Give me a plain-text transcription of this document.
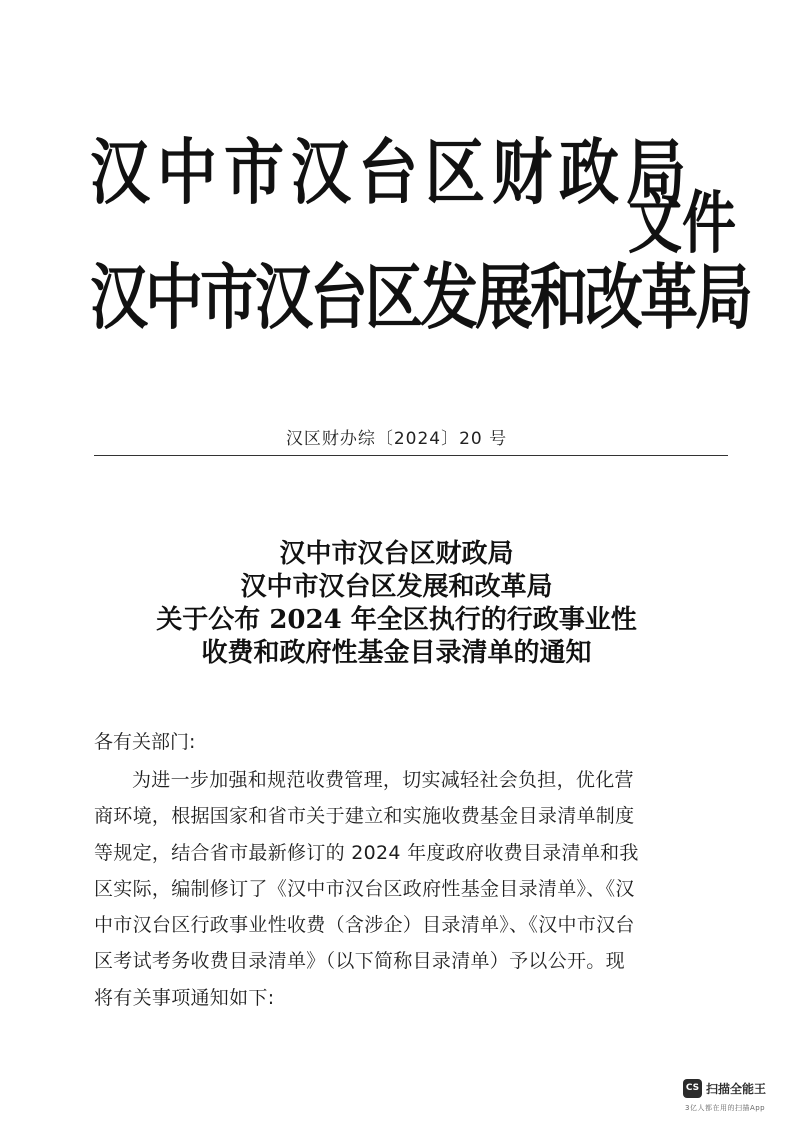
汉中市汉台区财政局
汉中市汉台区发展和改革局
文件
汉区财办综〔2024〕20 号
汉中市汉台区财政局
汉中市汉台区发展和改革局
关于公布 2024 年全区执行的行政事业性
收费和政府性基金目录清单的通知
各有关部门:
为进一步加强和规范收费管理，切实减轻社会负担，优化营
商环境，根据国家和省市关于建立和实施收费基金目录清单制度
等规定，结合省市最新修订的 2024 年度政府收费目录清单和我
区实际，编制修订了《汉中市汉台区政府性基金目录清单》、《汉
中市汉台区行政事业性收费（含涉企）目录清单》、《汉中市汉台
区考试考务收费目录清单》（以下简称目录清单）予以公开。现
将有关事项通知如下:
CS 扫描全能王
3亿人都在用的扫描App
